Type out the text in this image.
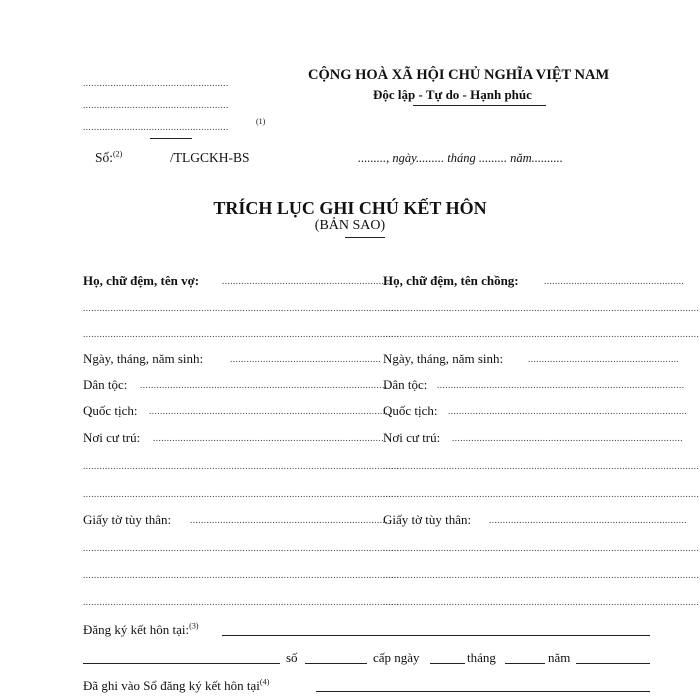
.....................................................
.....................................................
.....................................................
(1)
Số:$^{(2)}$	/TLGCKH-BS
CỘNG HOÀ XÃ HỘI CHỦ NGHĨA VIỆT NAM
Độc lập - Tự do - Hạnh phúc
........., ngày......... tháng ......... năm..........
TRÍCH LỤC GHI CHÚ KẾT HÔN
(BẢN SAO)
Họ, chữ đệm, tên vợ:	.............................................................
...................................................................................................................
...................................................................................................................
Ngày, tháng, năm sinh:	.......................................................
Dân tộc: ..........................................................................................
Quốc tịch: .......................................................................................
Nơi cư trú: ....................................................................................
...................................................................................................................
...................................................................................................................
Giấy tờ tùy thân: ........................................................................
...................................................................................................................
...................................................................................................................
...................................................................................................................
Họ, chữ đệm, tên chồng:	...................................................
...................................................................................................................
...................................................................................................................
Ngày, tháng, năm sinh:	.......................................................
Dân tộc: ..........................................................................................
Quốc tịch: .......................................................................................
Nơi cư trú: ....................................................................................
...................................................................................................................
...................................................................................................................
Giấy tờ tùy thân: ........................................................................
...................................................................................................................
...................................................................................................................
...................................................................................................................
Đăng ký kết hôn tại:$^{(3)}$
số	cấp ngày	tháng	năm
Đã ghi vào Sổ đăng ký kết hôn tại$^{(4)}$
